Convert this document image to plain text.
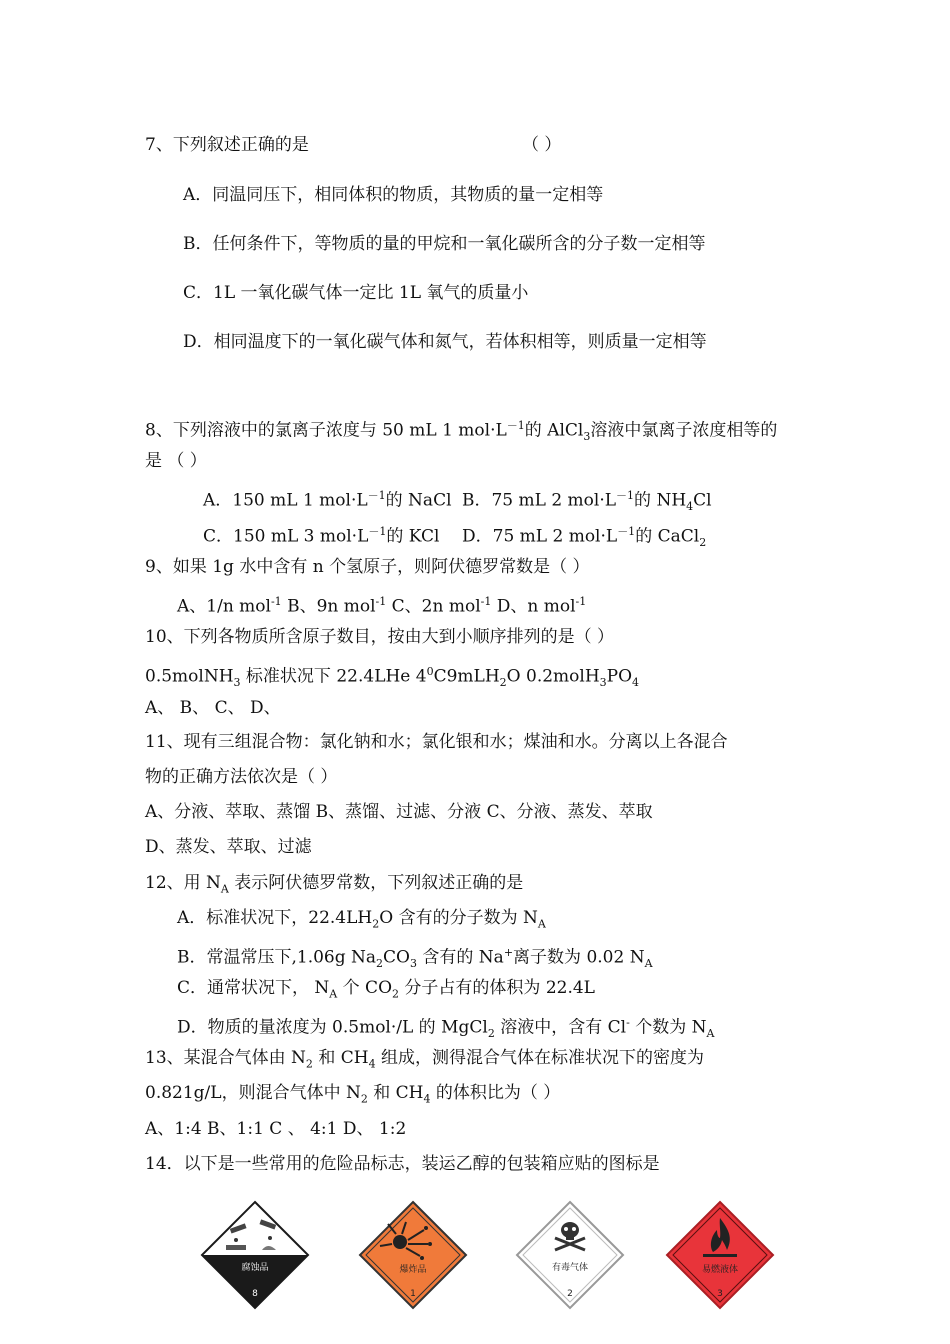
7、下列叙述正确的是	（ ）
A．同温同压下，相同体积的物质，其物质的量一定相等
B．任何条件下，等物质的量的甲烷和一氧化碳所含的分子数一定相等
C．1L 一氧化碳气体一定比 1L 氧气的质量小
D．相同温度下的一氧化碳气体和氮气，若体积相等，则质量一定相等
8、下列溶液中的氯离子浓度与 50 mL 1 $mol\cdot L^{-1}$的 AlCl$_3$溶液中氯离子浓度相等的
是 （ ）
A．150 mL 1 $mol\cdot L^{-1}$的 NaCl B．75 mL 2 $mol\cdot L^{-1}$的 $NH_4Cl$
C．150 mL 3 $mol\cdot L^{-1}$的 KCl D．75 mL 2 $mol\cdot L^{-1}$的 CaCl$_2$
9、如果 1g 水中含有 n 个氢原子，则阿伏德罗常数是（ ）
A、1/n mol$^{-1}$ B、9n mol$^{-1}$ C、2n mol$^{-1}$ D、n mol$^{-1}$
10、下列各物质所含原子数目，按由大到小顺序排列的是（ ）
0.5molNH$_3$ 标准状况下 22.4LHe $4^0C9mLH_2O$ $0.2molH_3PO_4$
A、 B、 C、 D、
11、现有三组混合物：氯化钠和水；氯化银和水；煤油和水。分离以上各混合
物的正确方法依次是（ ）
A、分液、萃取、蒸馏 B、蒸馏、过滤、分液 C、分液、蒸发、萃取
D、蒸发、萃取、过滤
12、用 $N_A$ 表示阿伏德罗常数，下列叙述正确的是
A．标准状况下，$22.4LH_2O$ 含有的分子数为 $N_A$
B．常温常压下,1.06g $Na_2CO_3$ 含有的 Na+离子数为 0.02 $N_A$
C．通常状况下， $N_A$ 个 $CO_2$ 分子占有的体积为 22.4L
D．物质的量浓度为 0.5mol·/L 的 MgCl$_2$ 溶液中，含有 Cl- 个数为 $N_A$
13、某混合气体由 $N_2$ 和 $CH_4$ 组成，测得混合气体在标准状况下的密度为
0.821g/L，则混合气体中 $N_2$ 和 $CH_4$ 的体积比为（ ）
A、1:4 B、1:1 C 、 4:1 D、 1:2
14．以下是一些常用的危险品标志，装运乙醇的包装箱应贴的图标是
腐蚀品
8
爆炸品
1
有毒气体
2
易燃液体
3
